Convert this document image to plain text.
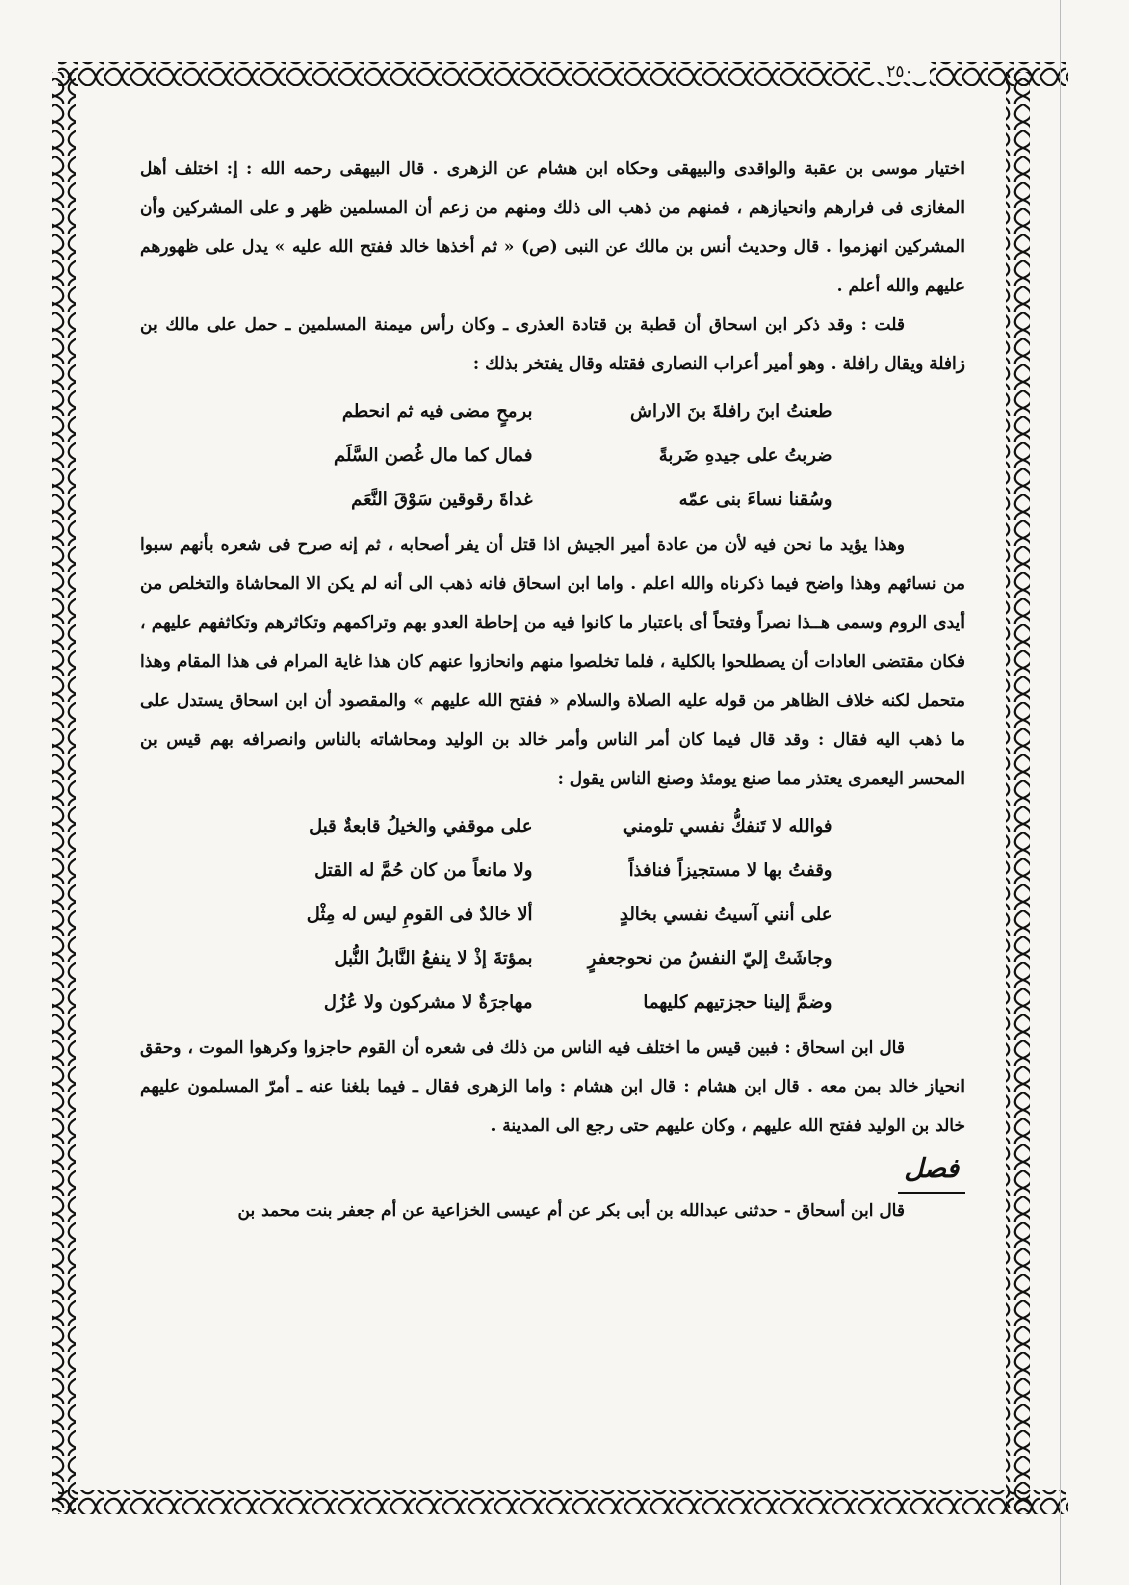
٢٥٠

اختيار موسى بن عقبة والواقدى والبيهقى وحكاه ابن هشام عن الزهرى . قال البيهقى رحمه الله : إ: اختلف أهل المغازى فى فرارهم وانحيازهم ، فمنهم من ذهب الى ذلك ومنهم من زعم أن المسلمين ظهر و على المشركين وأن المشركين انهزموا . قال وحديث أنس بن مالك عن النبى (ص) « ثم أخذها خالد ففتح الله عليه » يدل على ظهورهم عليهم والله أعلم .

قلت : وقد ذكر ابن اسحاق أن قطبة بن قتادة العذرى ـ وكان رأس ميمنة المسلمين ـ حمل على مالك بن زافلة ويقال رافلة . وهو أمير أعراب النصارى فقتله وقال يفتخر بذلك :

طعنتُ ابنَ رافلةَ بنَ الاراش
برمحٍ مضى فيه ثم انحطم
ضربتُ على جيدهِ ضَربةً
فمال كما مال غُصن السَّلَم
وسُقنا نساءَ بنى عمّه
غداةَ رقوقين سَوْقَ النَّعَم

وهذا يؤيد ما نحن فيه لأن من عادة أمير الجيش اذا قتل أن يفر أصحابه ، ثم إنه صرح فى شعره بأنهم سبوا من نسائهم وهذا واضح فيما ذكرناه والله اعلم . واما ابن اسحاق فانه ذهب الى أنه لم يكن الا المحاشاة والتخلص من أيدى الروم وسمى هــذا نصراً وفتحاً أى باعتبار ما كانوا فيه من إحاطة العدو بهم وتراكمهم وتكاثرهم وتكاثفهم عليهم ، فكان مقتضى العادات أن يصطلحوا بالكلية ، فلما تخلصوا منهم وانحازوا عنهم كان هذا غاية المرام فى هذا المقام وهذا متحمل لكنه خلاف الظاهر من قوله عليه الصلاة والسلام « ففتح الله عليهم » والمقصود أن ابن اسحاق يستدل على ما ذهب اليه فقال : وقد قال فيما كان أمر الناس وأمر خالد بن الوليد ومحاشاته بالناس وانصرافه بهم قيس بن المحسر اليعمرى يعتذر مما صنع يومئذ وصنع الناس يقول :

فوالله لا تَنفكُّ نفسي تلومني
على موقفي والخيلُ قابعةٌ قبل
وقفتُ بها لا مستجيزاً فنافذاً
ولا مانعاً من كان حُمَّ له القتل
على أنني آسيتُ نفسي بخالدٍ
ألا خالدٌ فى القومِ ليس له مِثْل
وجاشَتْ إليّ النفسُ من نحوجعفرٍ
بمؤتةَ إذْ لا ينفعُ النَّابلُ النُّبل
وضمَّ إلينا حجزتيهم كليهما
مهاجرَةٌ لا مشركون ولا عُزُل

قال ابن اسحاق : فبين قيس ما اختلف فيه الناس من ذلك فى شعره أن القوم حاجزوا وكرهوا الموت ، وحقق انحياز خالد بمن معه . قال ابن هشام : قال ابن هشام : واما الزهرى فقال ـ فيما بلغنا عنه ـ أمرّ المسلمون عليهم خالد بن الوليد ففتح الله عليهم ، وكان عليهم حتى رجع الى المدينة .

فصل

قال ابن أسحاق - حدثنى عبدالله بن أبى بكر عن أم عيسى الخزاعية عن أم جعفر بنت محمد بن
